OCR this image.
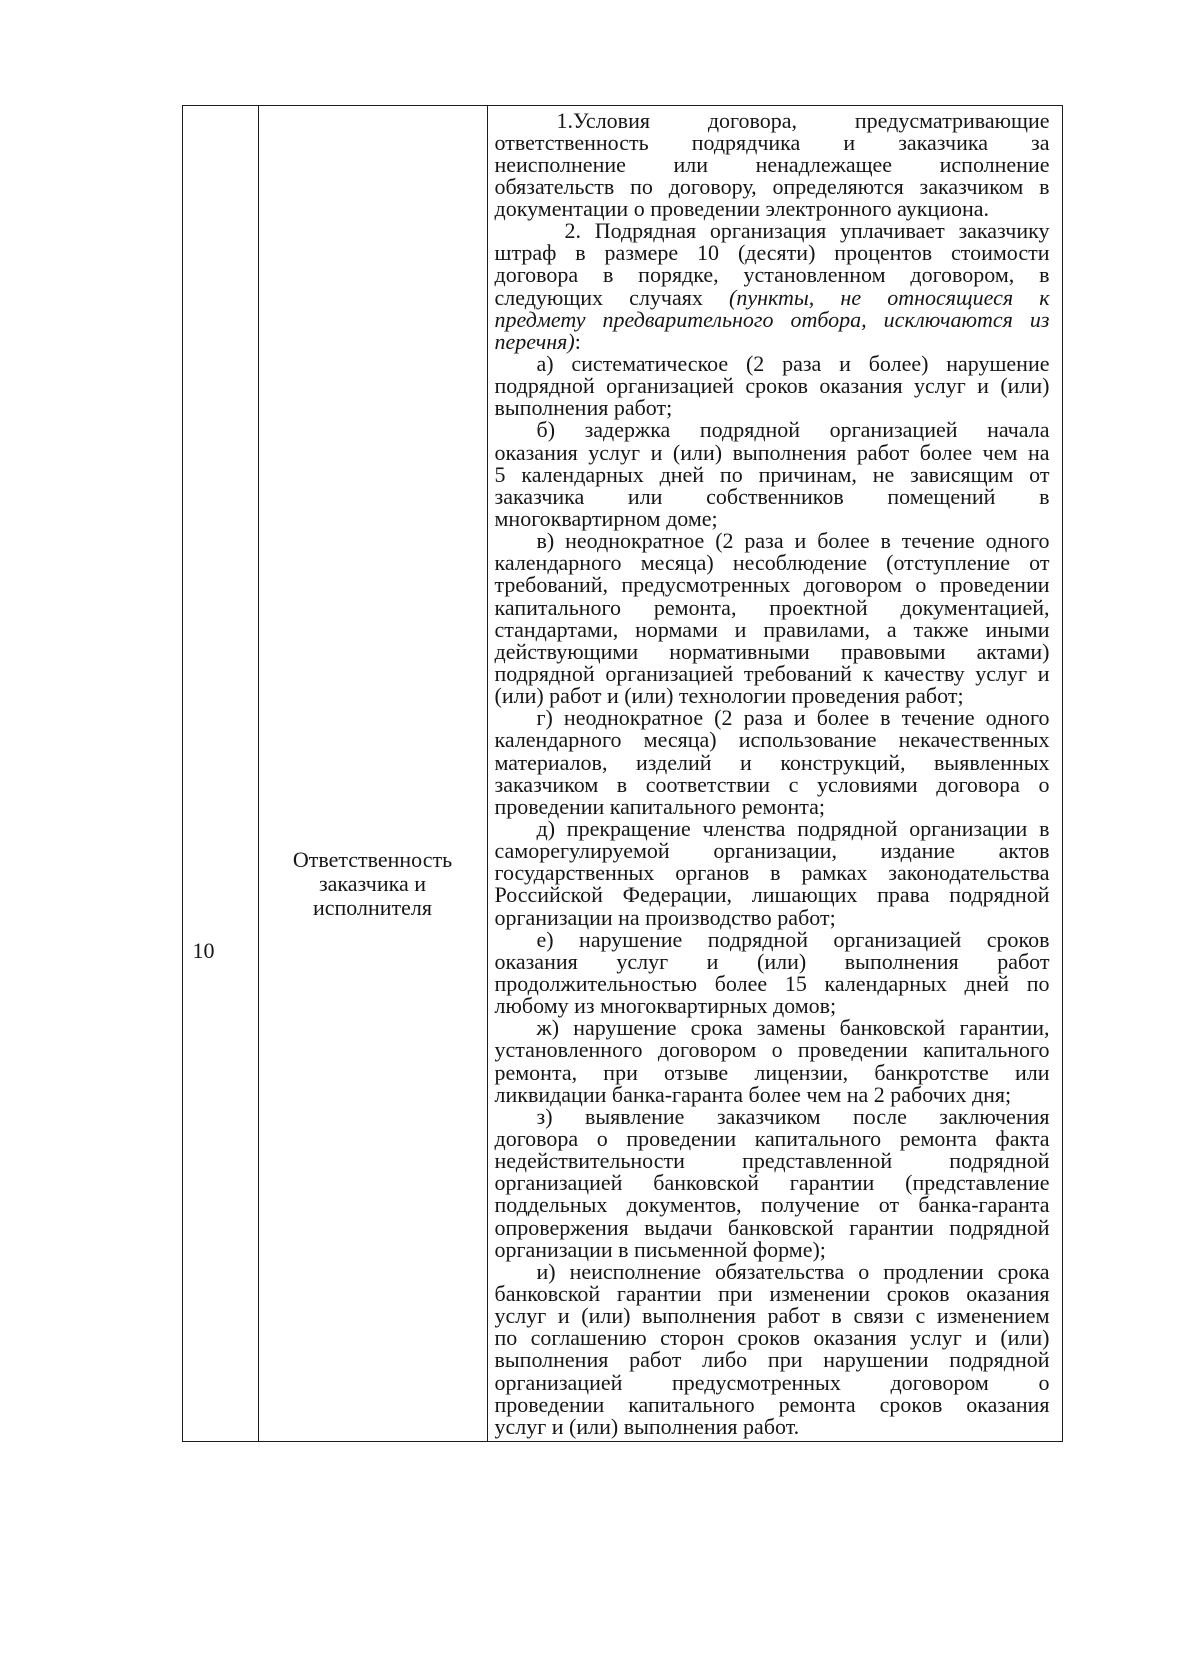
10
Ответственность
заказчика и
исполнителя
1.Условия договора, предусматривающие
ответственность подрядчика и заказчика за
неисполнение или ненадлежащее исполнение
обязательств по договору, определяются заказчиком в
документации о проведении электронного аукциона.
2. Подрядная организация уплачивает заказчику
штраф в размере 10 (десяти) процентов стоимости
договора в порядке, установленном договором, в
следующих случаях (пункты, не относящиеся к
предмету предварительного отбора, исключаются из
перечня):
а) систематическое (2 раза и более) нарушение
подрядной организацией сроков оказания услуг и (или)
выполнения работ;
б) задержка подрядной организацией начала
оказания услуг и (или) выполнения работ более чем на
5 календарных дней по причинам, не зависящим от
заказчика или собственников помещений в
многоквартирном доме;
в) неоднократное (2 раза и более в течение одного
календарного месяца) несоблюдение (отступление от
требований, предусмотренных договором о проведении
капитального ремонта, проектной документацией,
стандартами, нормами и правилами, а также иными
действующими нормативными правовыми актами)
подрядной организацией требований к качеству услуг и
(или) работ и (или) технологии проведения работ;
г) неоднократное (2 раза и более в течение одного
календарного месяца) использование некачественных
материалов, изделий и конструкций, выявленных
заказчиком в соответствии с условиями договора о
проведении капитального ремонта;
д) прекращение членства подрядной организации в
саморегулируемой организации, издание актов
государственных органов в рамках законодательства
Российской Федерации, лишающих права подрядной
организации на производство работ;
е) нарушение подрядной организацией сроков
оказания услуг и (или) выполнения работ
продолжительностью более 15 календарных дней по
любому из многоквартирных домов;
ж) нарушение срока замены банковской гарантии,
установленного договором о проведении капитального
ремонта, при отзыве лицензии, банкротстве или
ликвидации банка-гаранта более чем на 2 рабочих дня;
з) выявление заказчиком после заключения
договора о проведении капитального ремонта факта
недействительности представленной подрядной
организацией банковской гарантии (представление
поддельных документов, получение от банка-гаранта
опровержения выдачи банковской гарантии подрядной
организации в письменной форме);
и) неисполнение обязательства о продлении срока
банковской гарантии при изменении сроков оказания
услуг и (или) выполнения работ в связи с изменением
по соглашению сторон сроков оказания услуг и (или)
выполнения работ либо при нарушении подрядной
организацией предусмотренных договором о
проведении капитального ремонта сроков оказания
услуг и (или) выполнения работ.
